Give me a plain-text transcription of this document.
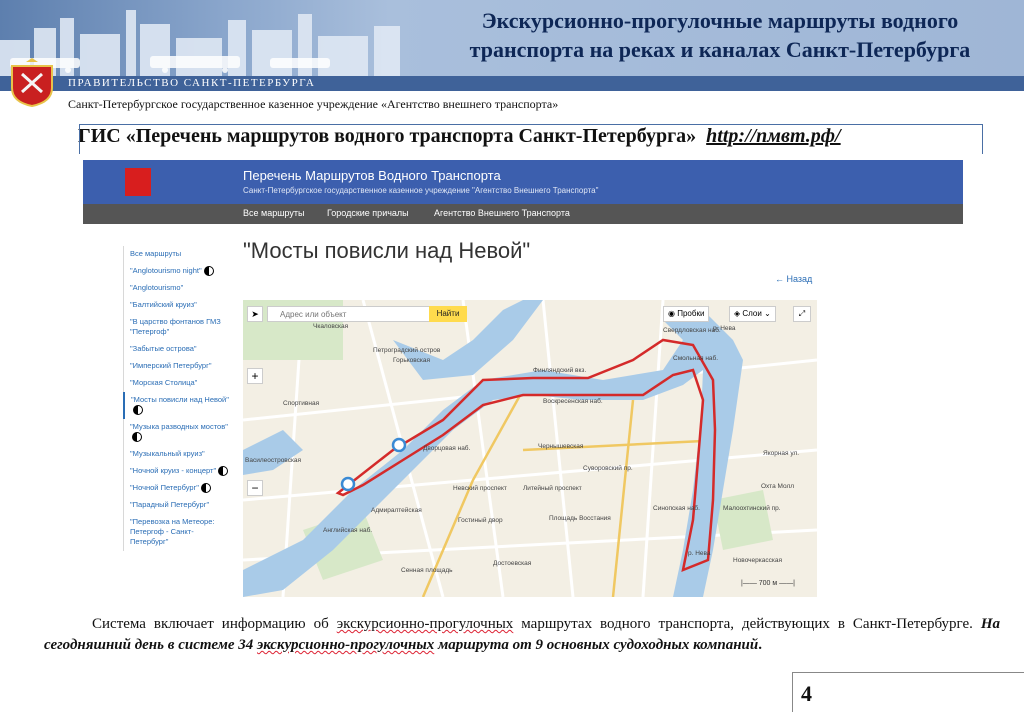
Экскурсионно-прогулочные маршруты водного
транспорта на реках и каналах Санкт-Петербурга
ПРАВИТЕЛЬСТВО САНКТ-ПЕТЕРБУРГА
Санкт-Петербургское государственное казенное учреждение «Агентство внешнего транспорта»
ГИС «Перечень маршрутов водного транспорта Санкт-Петербурга» http://пмвт.рф/
Перечень Маршрутов Водного Транспорта
Санкт-Петербургское государственное казенное учреждение "Агентство Внешнего Транспорта"
Все маршруты	Городские причалы	Агентство Внешнего Транспорта
Все маршруты
"Anglotourismo night"
"Anglotourismo"
"Балтийский круиз"
"В царство фонтанов ГМЗ "Петергоф"
"Забытые острова"
"Имперский Петербург"
"Морская Столица"
"Мосты повисли над Невой"
"Музыка разводных мостов"
"Музыкальный круиз"
"Ночной круиз - концерт"
"Ночной Петербург"
"Парадный Петербург"
"Перевозка на Метеоре: Петергоф - Санкт-Петербург"
"Мосты повисли над Невой"
← Назад
Чкаловская
Горьковская
Спортивная
Петроградский остров
Финляндский вкз.
Воскресенская наб.
Дворцовая наб.
Адмиралтейская
Невский проспект
Гостиный двор
Чернышевская
Площадь Восстания
Достоевская
Сенная площадь
Синопская наб.	Малоохтинский пр.
Новочеркасская
Свердловская наб.
Смольная наб.
Суворовский пр.
Якорная ул.
Охта Молл
Василеостровская
Литейный проспект
Английская наб.
р. Нева
р. Нева
➤
Адрес или объект	Найти	◉ Пробки	◈ Слои ⌄	⤢
+
−
|—— 700 м ——|
Система включает информацию об экскурсионно-прогулочных маршрутах водного транспорта, действующих в Санкт-Петербурге. На сегодняшний день в системе 34 экскурсионно-прогулочных маршрута от 9 основных судоходных компаний.
4
